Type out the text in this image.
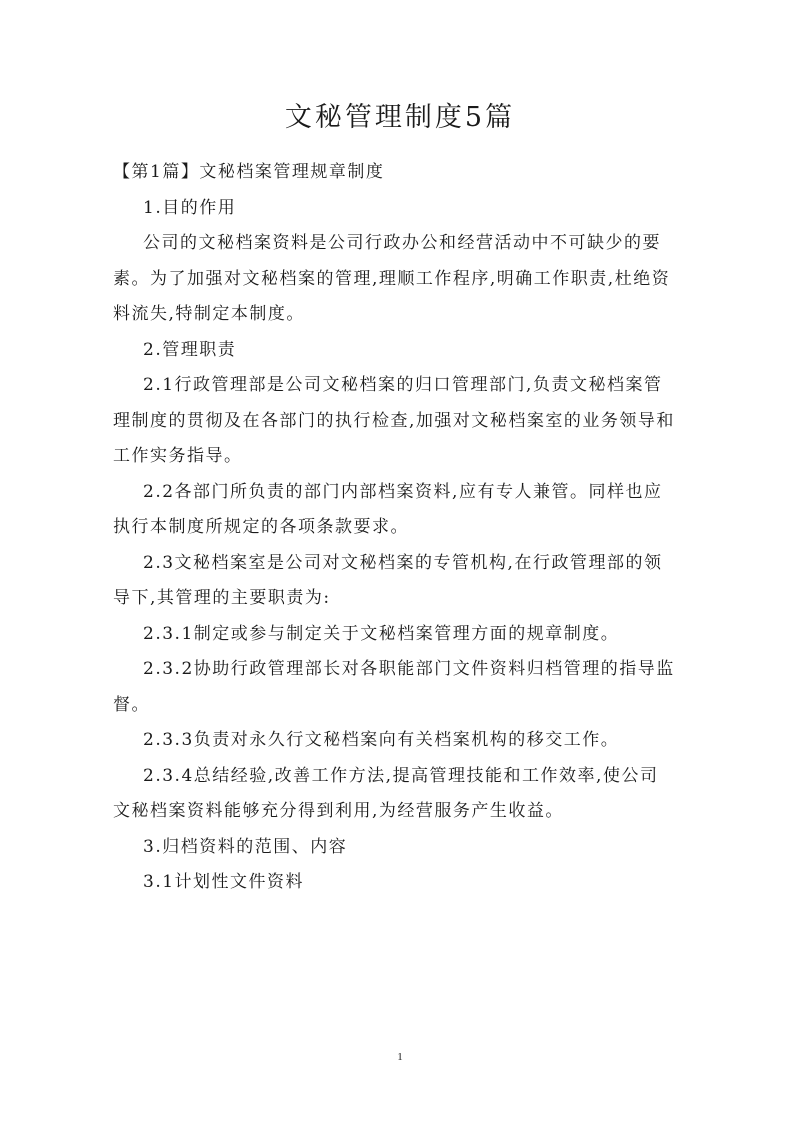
文秘管理制度5篇

【第1篇】文秘档案管理规章制度

1.目的作用

公司的文秘档案资料是公司行政办公和经营活动中不可缺少的要素。为了加强对文秘档案的管理,理顺工作程序,明确工作职责,杜绝资料流失,特制定本制度。

2.管理职责

2.1行政管理部是公司文秘档案的归口管理部门,负责文秘档案管理制度的贯彻及在各部门的执行检查,加强对文秘档案室的业务领导和工作实务指导。

2.2各部门所负责的部门内部档案资料,应有专人兼管。同样也应执行本制度所规定的各项条款要求。

2.3文秘档案室是公司对文秘档案的专管机构,在行政管理部的领导下,其管理的主要职责为:

2.3.1制定或参与制定关于文秘档案管理方面的规章制度。

2.3.2协助行政管理部长对各职能部门文件资料归档管理的指导监督。

2.3.3负责对永久行文秘档案向有关档案机构的移交工作。

2.3.4总结经验,改善工作方法,提高管理技能和工作效率,使公司文秘档案资料能够充分得到利用,为经营服务产生收益。

3.归档资料的范围、内容

3.1计划性文件资料

1
